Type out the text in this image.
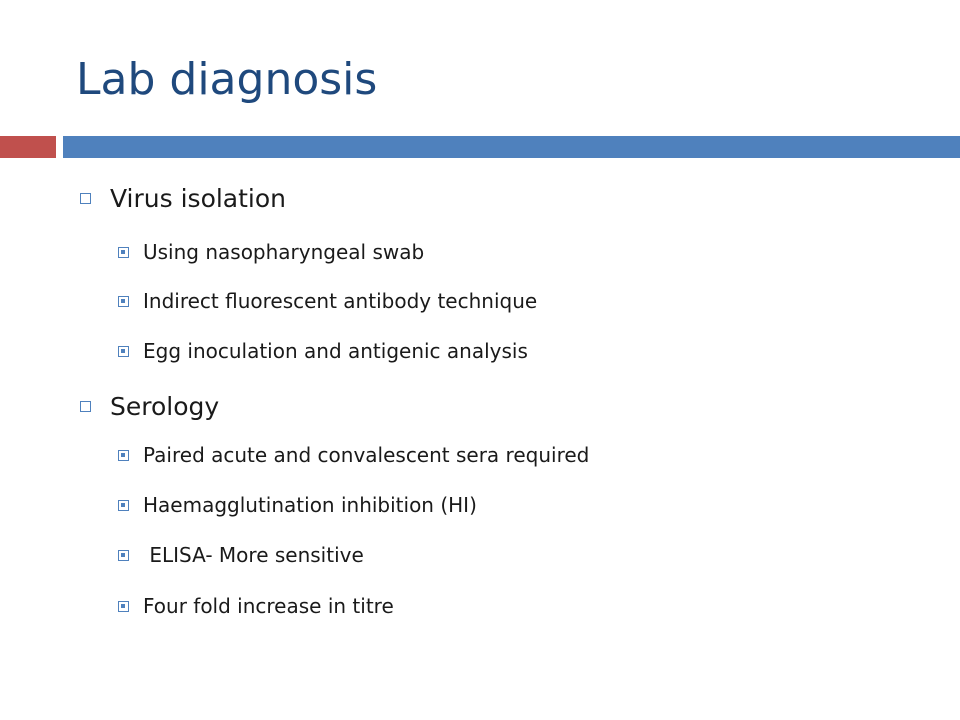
Lab diagnosis
Virus isolation
Using nasopharyngeal swab
Indirect fluorescent antibody technique
Egg inoculation and antigenic analysis
Serology
Paired acute and convalescent sera required
Haemagglutination inhibition (HI)
ELISA- More sensitive
Four fold increase in titre
